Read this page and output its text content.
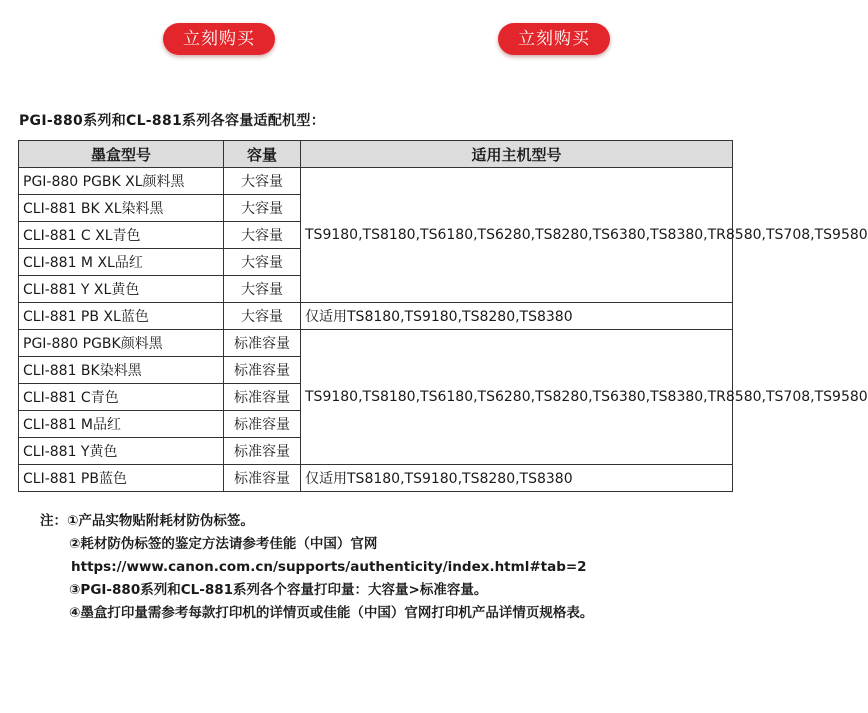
立刻购买	立刻购买
PGI-880系列和CL-881系列各容量适配机型：
墨盒型号	容量	适用主机型号
PGI-880 PGBK XL颜料黑	大容量	TS9180,TS8180,TS6180,TS6280,TS8280,TS6380,TS8380,TR8580,TS708,TS9580
CLI-881 BK XL染料黑	大容量	
CLI-881 C XL青色	大容量	
CLI-881 M XL品红	大容量	
CLI-881 Y XL黄色	大容量	
CLI-881 PB XL蓝色	大容量	仅适用TS8180,TS9180,TS8280,TS8380
PGI-880 PGBK颜料黑	标准容量	TS9180,TS8180,TS6180,TS6280,TS8280,TS6380,TS8380,TR8580,TS708,TS9580
CLI-881 BK染料黑	标准容量	
CLI-881 C青色	标准容量	
CLI-881 M品红	标准容量	
CLI-881 Y黄色	标准容量	
CLI-881 PB蓝色	标准容量	仅适用TS8180,TS9180,TS8280,TS8380
注：①产品实物贴附耗材防伪标签。
②耗材防伪标签的鉴定方法请参考佳能（中国）官网
https://www.canon.com.cn/supports/authenticity/index.html#tab=2
③PGI-880系列和CL-881系列各个容量打印量：大容量>标准容量。
④墨盒打印量需参考每款打印机的详情页或佳能（中国）官网打印机产品详情页规格表。
